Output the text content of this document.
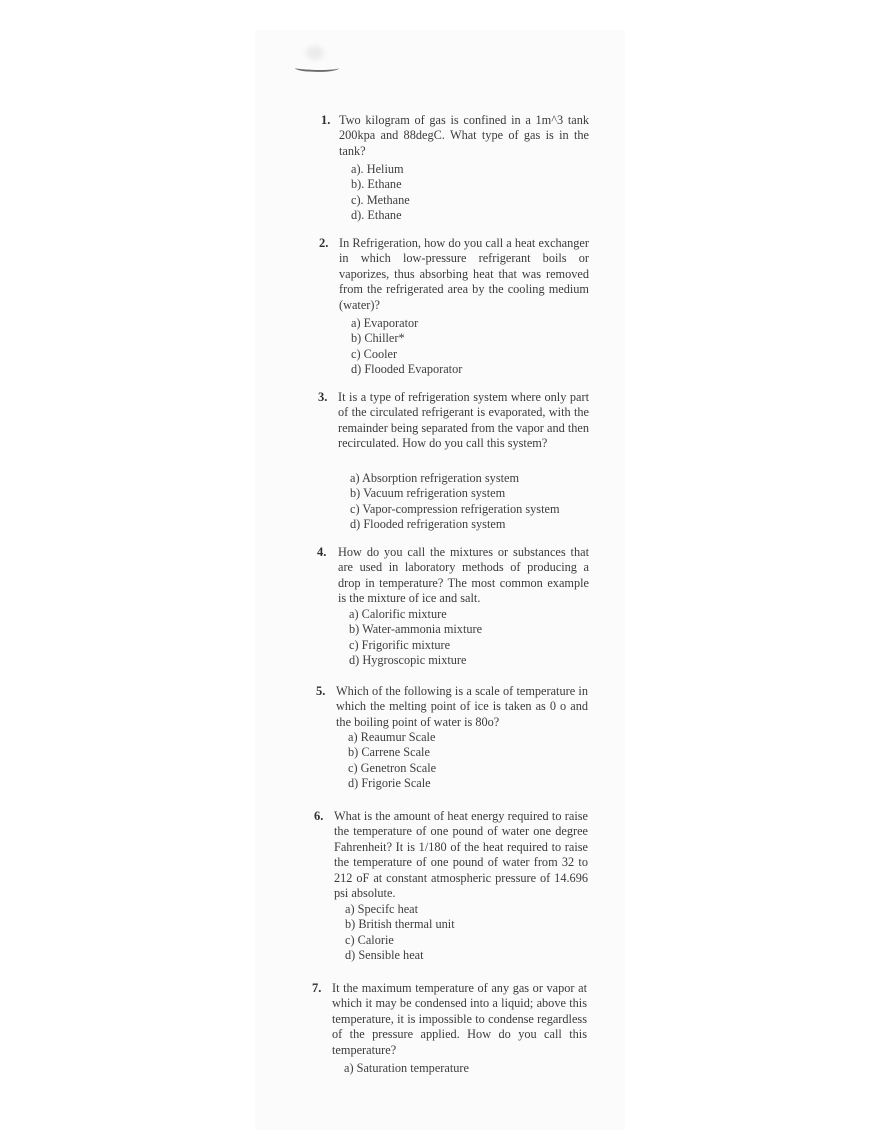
1. Two kilogram of gas is confined in a 1m^3 tank 200kpa and 88degC. What type of gas is in the tank?
a). Helium
b). Ethane
c). Methane
d). Ethane
2. In Refrigeration, how do you call a heat exchanger in which low-pressure refrigerant boils or vaporizes, thus absorbing heat that was removed from the refrigerated area by the cooling medium (water)?
a) Evaporator
b) Chiller*
c) Cooler
d) Flooded Evaporator
3. It is a type of refrigeration system where only part of the circulated refrigerant is evaporated, with the remainder being separated from the vapor and then recirculated. How do you call this system?
a) Absorption refrigeration system
b) Vacuum refrigeration system
c) Vapor-compression refrigeration system
d) Flooded refrigeration system
4. How do you call the mixtures or substances that are used in laboratory methods of producing a drop in temperature? The most common example is the mixture of ice and salt.
a) Calorific mixture
b) Water-ammonia mixture
c) Frigorific mixture
d) Hygroscopic mixture
5. Which of the following is a scale of temperature in which the melting point of ice is taken as 0 o and the boiling point of water is 80o?
a) Reaumur Scale
b) Carrene Scale
c) Genetron Scale
d) Frigorie Scale
6. What is the amount of heat energy required to raise the temperature of one pound of water one degree Fahrenheit? It is 1/180 of the heat required to raise the temperature of one pound of water from 32 to 212 oF at constant atmospheric pressure of 14.696 psi absolute.
a) Specifc heat
b) British thermal unit
c) Calorie
d) Sensible heat
7. It the maximum temperature of any gas or vapor at which it may be condensed into a liquid; above this temperature, it is impossible to condense regardless of the pressure applied. How do you call this temperature?
a) Saturation temperature
